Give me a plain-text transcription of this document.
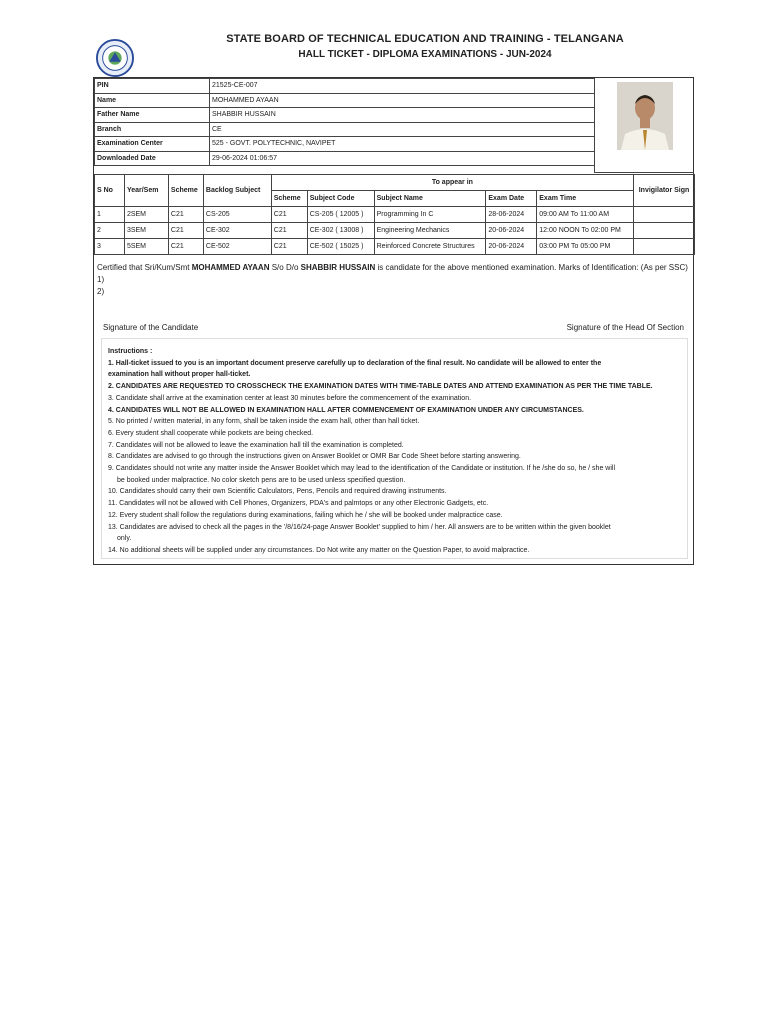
STATE BOARD OF TECHNICAL EDUCATION AND TRAINING - TELANGANA
HALL TICKET - DIPLOMA EXAMINATIONS - JUN-2024
PIN	21525-CE-007
Name	MOHAMMED AYAAN
Father Name	SHABBIR HUSSAIN
Branch	CE
Examination Center	525 - GOVT. POLYTECHNIC, NAVIPET
Downloaded Date	29-06-2024 01:06:57
S No	Year/Sem	Scheme	Backlog Subject	To appear in					Invigilator Sign
				Scheme	Subject Code	Subject Name	Exam Date	Exam Time	
1	2SEM	C21	CS-205	C21	CS-205 ( 12005 )	Programming In C	28-06-2024	09:00 AM To 11:00 AM	
2	3SEM	C21	CE-302	C21	CE-302 ( 13008 )	Engineering Mechanics	20-06-2024	12:00 NOON To 02:00 PM	
3	5SEM	C21	CE-502	C21	CE-502 ( 15025 )	Reinforced Concrete Structures	20-06-2024	03:00 PM To 05:00 PM	
Certified that Sri/Kum/Smt MOHAMMED AYAAN S/o D/o SHABBIR HUSSAIN is candidate for the above mentioned examination. Marks of Identification: (As per SSC)
1)
2)
Signature of the Candidate	Signature of the Head Of Section
Instructions :
1. Hall-ticket issued to you is an important document preserve carefully up to declaration of the final result. No candidate will be allowed to enter the
examination hall without proper hall-ticket.
2. CANDIDATES ARE REQUESTED TO CROSSCHECK THE EXAMINATION DATES WITH TIME-TABLE DATES AND ATTEND EXAMINATION AS PER THE TIME TABLE.
3. Candidate shall arrive at the examination center at least 30 minutes before the commencement of the examination.
4. CANDIDATES WILL NOT BE ALLOWED IN EXAMINATION HALL AFTER COMMENCEMENT OF EXAMINATION UNDER ANY CIRCUMSTANCES.
5. No printed / written material, in any form, shall be taken inside the exam hall, other than hall ticket.
6. Every student shall cooperate while pockets are being checked.
7. Candidates will not be allowed to leave the examination hall till the examination is completed.
8. Candidates are advised to go through the instructions given on Answer Booklet or OMR Bar Code Sheet before starting answering.
9. Candidates should not write any matter inside the Answer Booklet which may lead to the identification of the Candidate or institution. If he /she do so, he / she will
be booked under malpractice. No color sketch pens are to be used unless specified question.
10. Candidates should carry their own Scientific Calculators, Pens, Pencils and required drawing instruments.
11. Candidates will not be allowed with Cell Phones, Organizers, PDA's and palmtops or any other Electronic Gadgets, etc.
12. Every student shall follow the regulations during examinations, failing which he / she will be booked under malpractice case.
13. Candidates are advised to check all the pages in the '/8/16/24-page Answer Booklet' supplied to him / her. All answers are to be written within the given booklet
only.
14. No additional sheets will be supplied under any circumstances. Do Not write any matter on the Question Paper, to avoid malpractice.
